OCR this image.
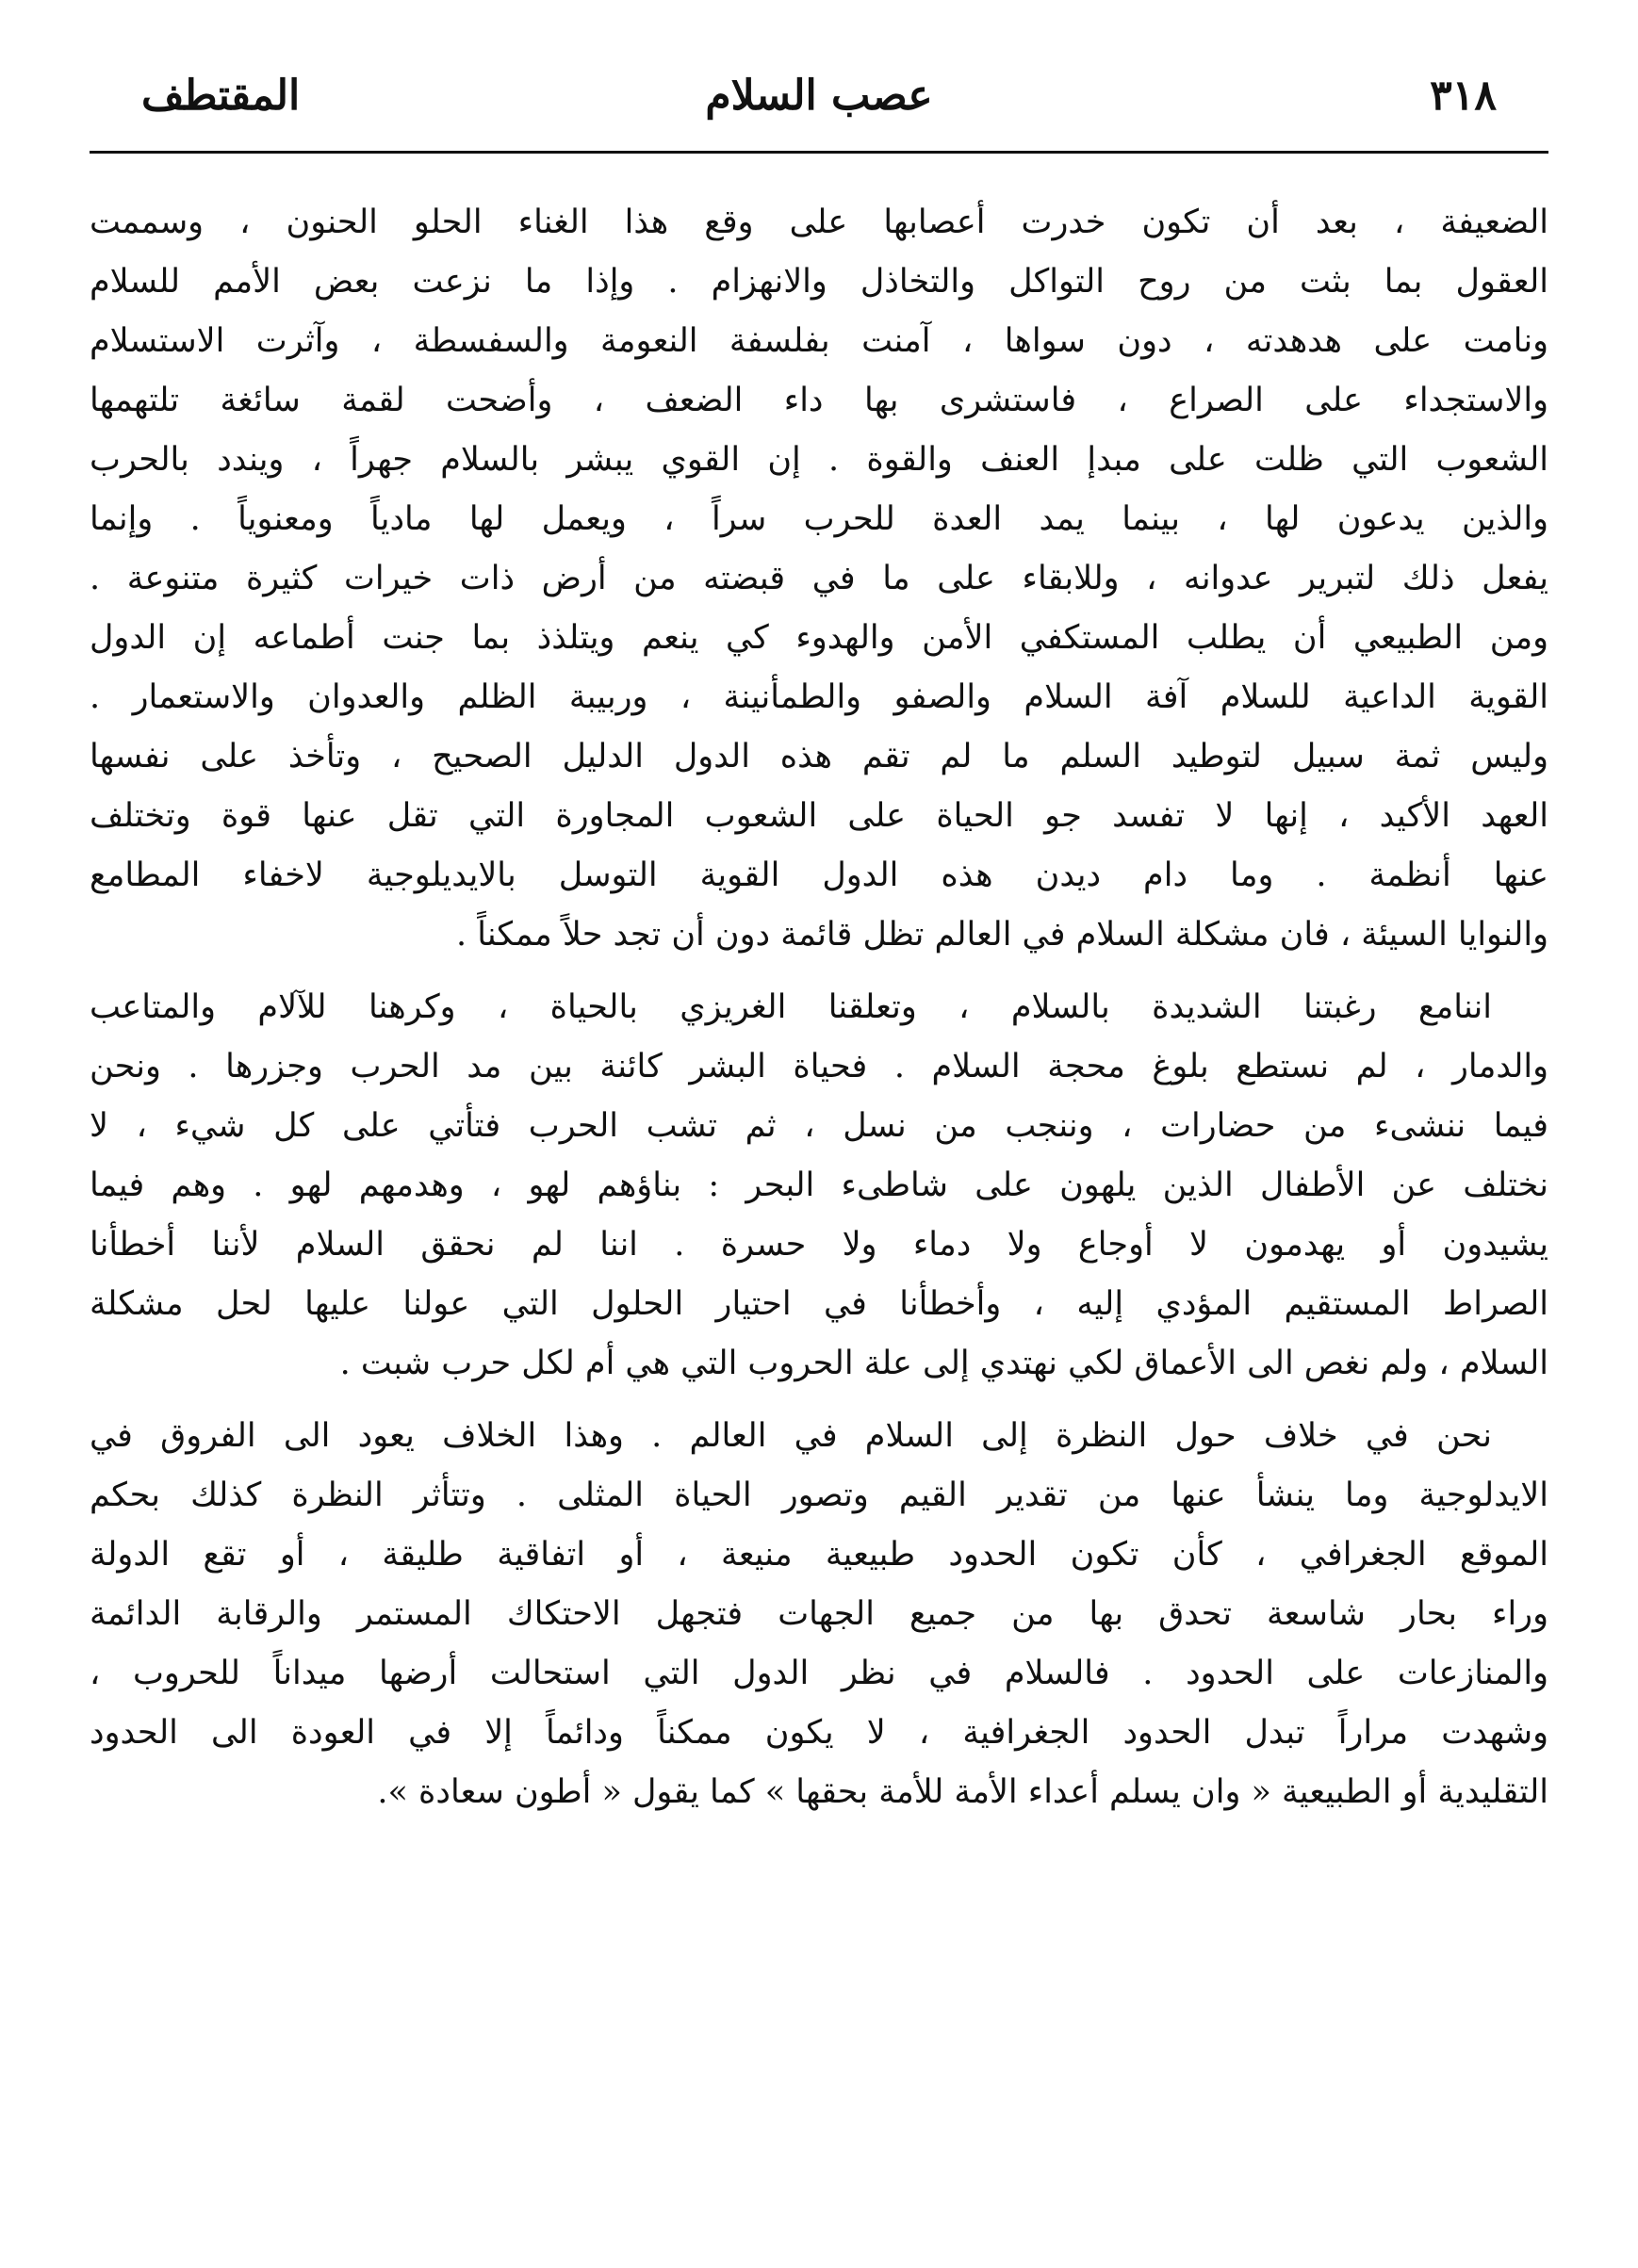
٣١٨
عصب السلام
المقتطف
الضعيفة ، بعد أن تكون خدرت أعصابها على وقع هذا الغناء الحلو الحنون ، وسممت
العقول بما بثت من روح التواكل والتخاذل والانهزام . وإذا ما نزعت بعض الأمم للسلام
ونامت على هدهدته ، دون سواها ، آمنت بفلسفة النعومة والسفسطة ، وآثرت الاستسلام
والاستجداء على الصراع ، فاستشرى بها داء الضعف ، وأضحت لقمة سائغة تلتهمها
الشعوب التي ظلت على مبدإ العنف والقوة . إن القوي يبشر بالسلام جهراً ، ويندد بالحرب
والذين يدعون لها ، بينما يمد العدة للحرب سراً ، ويعمل لها مادياً ومعنوياً . وإنما
يفعل ذلك لتبرير عدوانه ، وللابقاء على ما في قبضته من أرض ذات خيرات كثيرة متنوعة .
ومن الطبيعي أن يطلب المستكفي الأمن والهدوء كي ينعم ويتلذذ بما جنت أطماعه إن الدول
القوية الداعية للسلام آفة السلام والصفو والطمأنينة ، وربيبة الظلم والعدوان والاستعمار .
وليس ثمة سبيل لتوطيد السلم ما لم تقم هذه الدول الدليل الصحيح ، وتأخذ على نفسها
العهد الأكيد ، إنها لا تفسد جو الحياة على الشعوب المجاورة التي تقل عنها قوة وتختلف
عنها أنظمة . وما دام ديدن هذه الدول القوية التوسل بالايديلوجية لاخفاء المطامع
والنوايا السيئة ، فان مشكلة السلام في العالم تظل قائمة دون أن تجد حلاً ممكناً .
اننامع رغبتنا الشديدة بالسلام ، وتعلقنا الغريزي بالحياة ، وكرهنا للآلام والمتاعب
والدمار ، لم نستطع بلوغ محجة السلام . فحياة البشر كائنة بين مد الحرب وجزرها . ونحن
فيما ننشىء من حضارات ، وننجب من نسل ، ثم تشب الحرب فتأتي على كل شيء ، لا
نختلف عن الأطفال الذين يلهون على شاطىء البحر : بناؤهم لهو ، وهدمهم لهو . وهم فيما
يشيدون أو يهدمون لا أوجاع ولا دماء ولا حسرة . اننا لم نحقق السلام لأننا أخطأنا
الصراط المستقيم المؤدي إليه ، وأخطأنا في احتيار الحلول التي عولنا عليها لحل مشكلة
السلام ، ولم نغص الى الأعماق لكي نهتدي إلى علة الحروب التي هي أم لكل حرب شبت .
نحن في خلاف حول النظرة إلى السلام في العالم . وهذا الخلاف يعود الى الفروق في
الايدلوجية وما ينشأ عنها من تقدير القيم وتصور الحياة المثلى . وتتأثر النظرة كذلك بحكم
الموقع الجغرافي ، كأن تكون الحدود طبيعية منيعة ، أو اتفاقية طليقة ، أو تقع الدولة
وراء بحار شاسعة تحدق بها من جميع الجهات فتجهل الاحتكاك المستمر والرقابة الدائمة
والمنازعات على الحدود . فالسلام في نظر الدول التي استحالت أرضها ميداناً للحروب ،
وشهدت مراراً تبدل الحدود الجغرافية ، لا يكون ممكناً ودائماً إلا في العودة الى الحدود
التقليدية أو الطبيعية « وان يسلم أعداء الأمة للأمة بحقها » كما يقول « أطون سعادة ».
